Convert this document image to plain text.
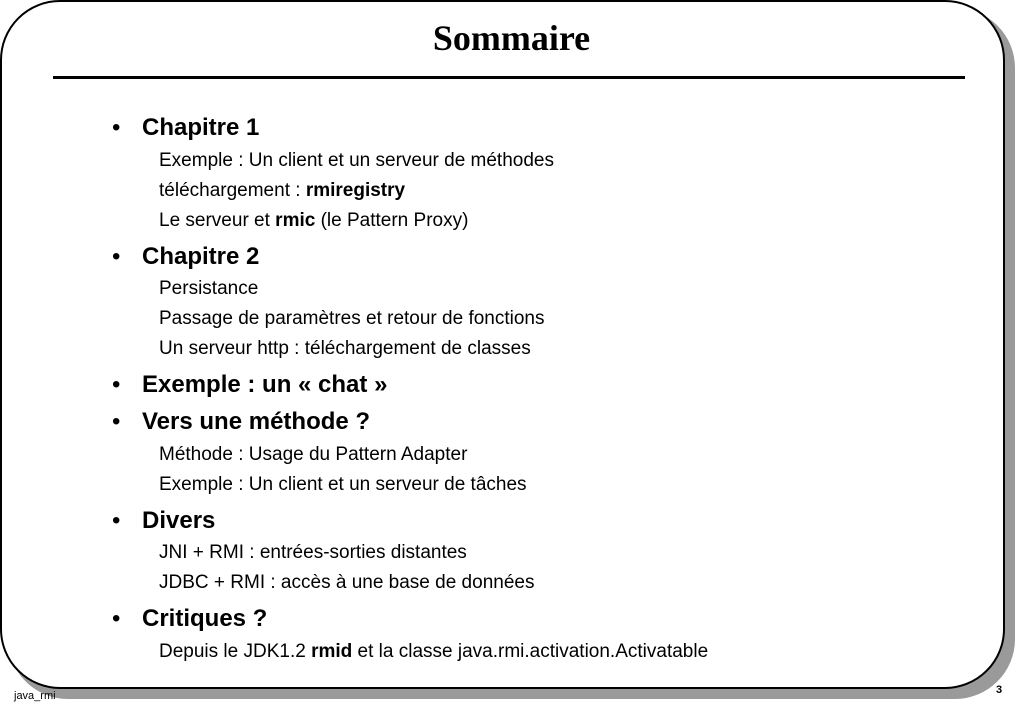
Sommaire
• Chapitre 1
Exemple : Un client et un serveur de méthodes
téléchargement : rmiregistry
Le serveur et rmic (le Pattern Proxy)
• Chapitre 2
Persistance
Passage de paramètres et retour de fonctions
Un serveur http : téléchargement de classes
• Exemple : un « chat »
• Vers une méthode ?
Méthode : Usage du Pattern Adapter
Exemple : Un client et un serveur de tâches
• Divers
JNI + RMI : entrées-sorties distantes
JDBC + RMI : accès à une base de données
• Critiques ?
Depuis le JDK1.2 rmid et la classe java.rmi.activation.Activatable
java_rmi	3
